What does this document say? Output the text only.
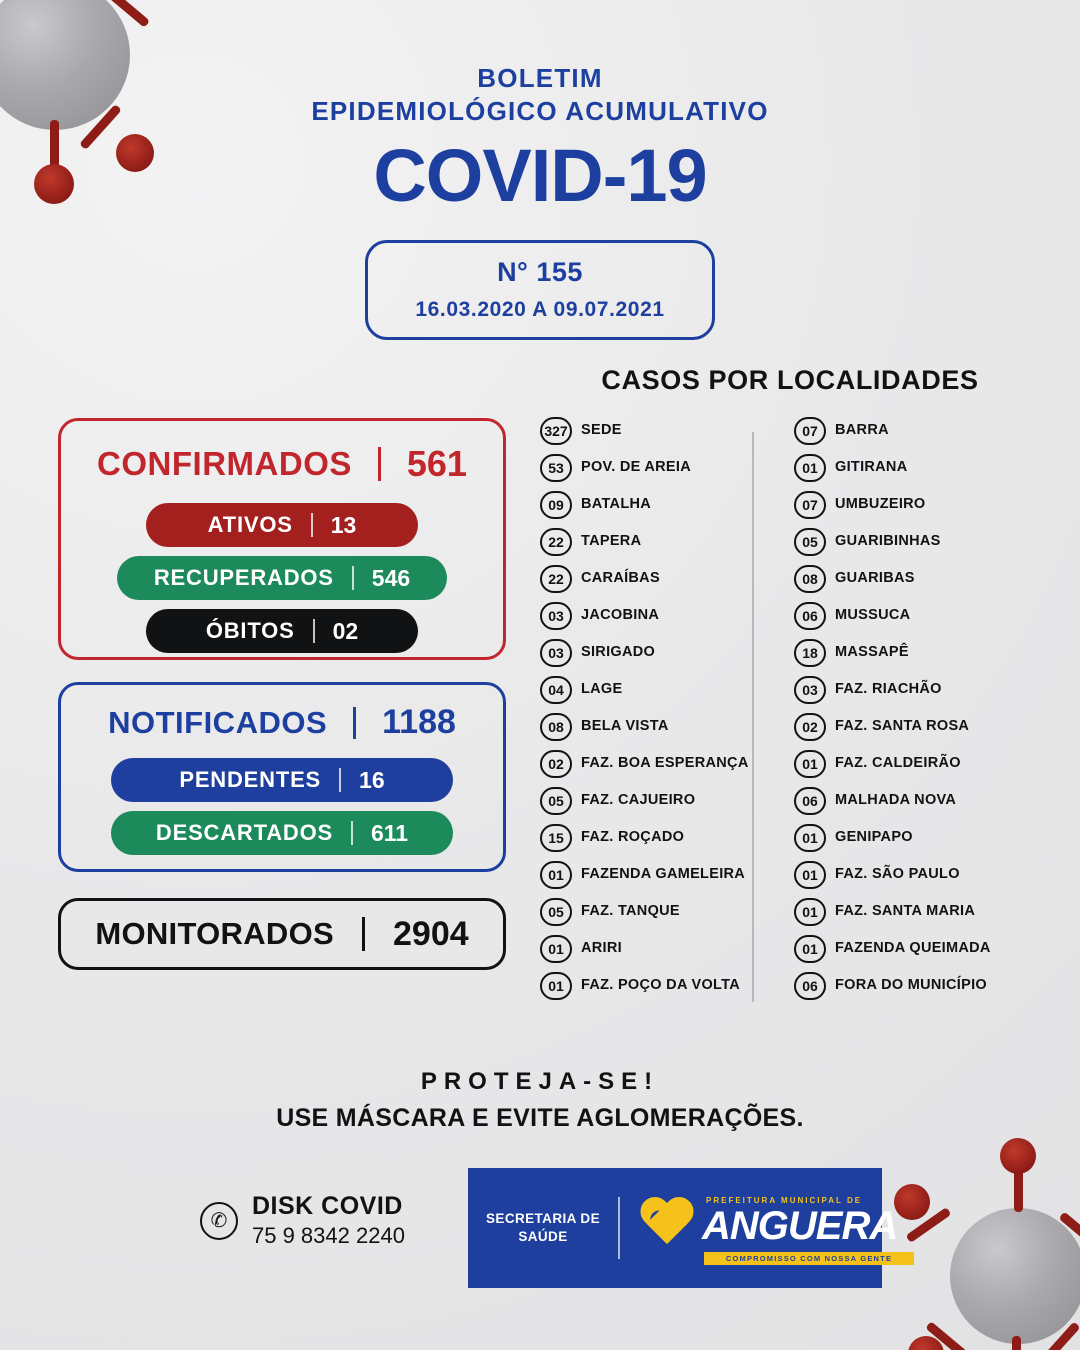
BOLETIM
EPIDEMIOLÓGICO ACUMULATIVO
COVID-19
N° 155
16.03.2020 A 09.07.2021
CONFIRMADOS 561
ATIVOS 13
RECUPERADOS 546
ÓBITOS 02
NOTIFICADOS 1188
PENDENTES 16
DESCARTADOS 611
MONITORADOS 2904
CASOS POR LOCALIDADES
327 SEDE
53	POV. DE AREIA
09	BATALHA
22	TAPERA
22	CARAÍBAS
03	JACOBINA
03	SIRIGADO
04	LAGE
08	BELA VISTA
02	FAZ. BOA ESPERANÇA
05	FAZ. CAJUEIRO
15	FAZ. ROÇADO
01	FAZENDA GAMELEIRA
05	FAZ. TANQUE
01	ARIRI
01	FAZ. POÇO DA VOLTA
07	BARRA
01	GITIRANA
07	UMBUZEIRO
05	GUARIBINHAS
08	GUARIBAS
06	MUSSUCA
18	MASSAPÊ
03	FAZ. RIACHÃO
02	FAZ. SANTA ROSA
01	FAZ. CALDEIRÃO
06	MALHADA NOVA
01	GENIPAPO
01	FAZ. SÃO PAULO
01	FAZ. SANTA MARIA
01	FAZENDA QUEIMADA
06	FORA DO MUNICÍPIO
PROTEJA-SE!
USE MÁSCARA E EVITE AGLOMERAÇÕES.
✆
DISK COVID
75 9 8342 2240
SECRETARIA DE
SAÚDE
PREFEITURA MUNICIPAL DE
ANGUERA
COMPROMISSO COM NOSSA GENTE
